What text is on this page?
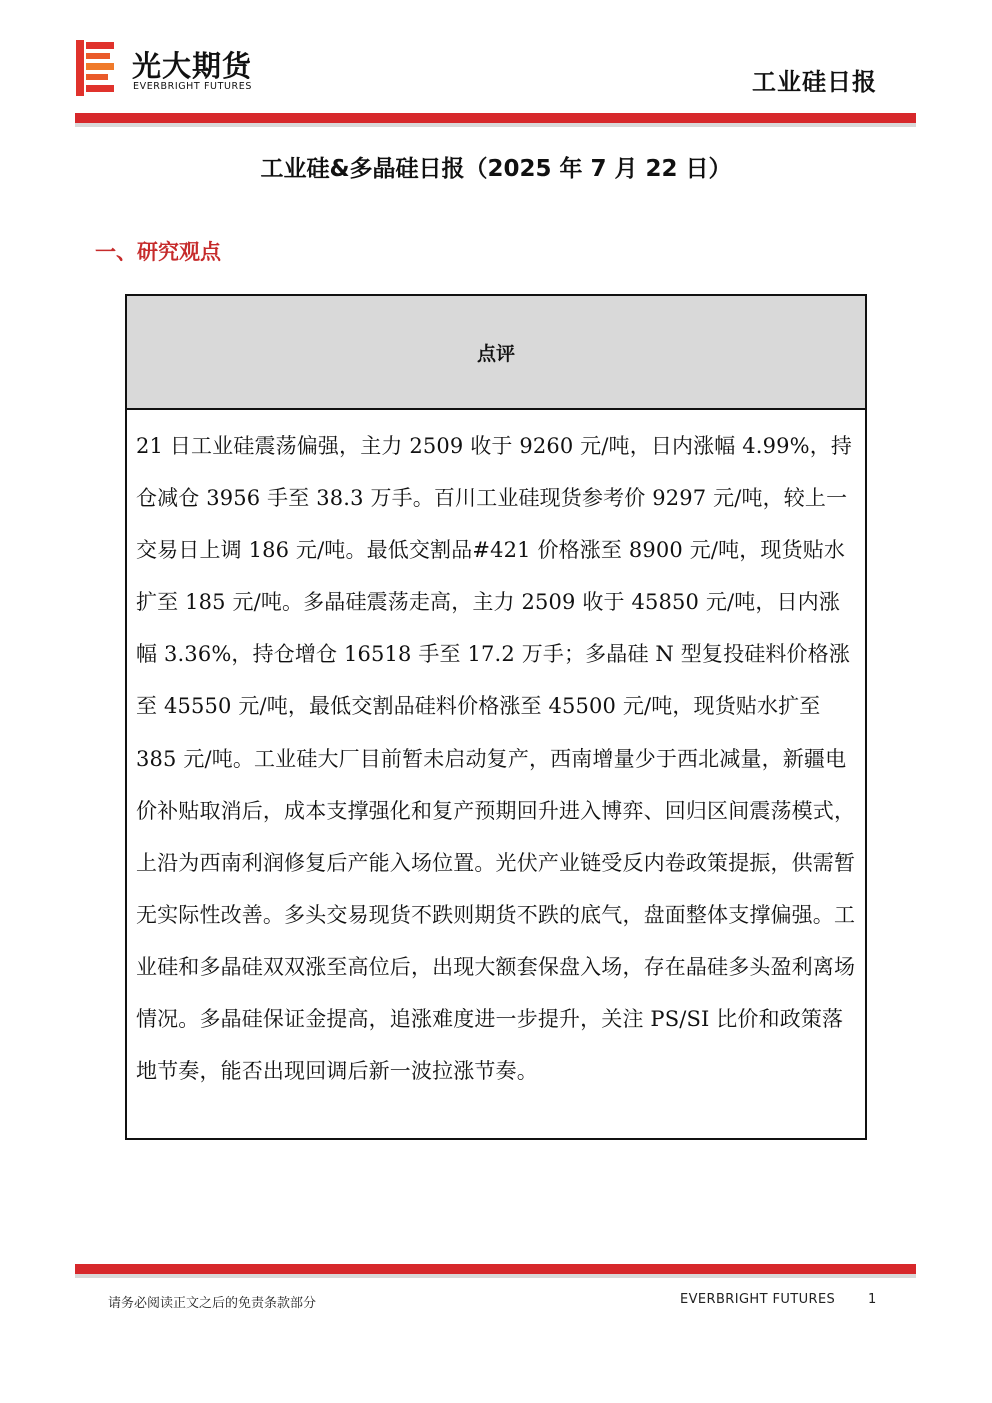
光大期货
EVERBRIGHT FUTURES	工业硅日报
工业硅&多晶硅日报（2025 年 7 月 22 日）
一、研究观点
点评
21 日工业硅震荡偏强，主力 2509 收于 9260 元/吨，日内涨幅 4.99%，持仓减仓 3956 手至 38.3 万手。百川工业硅现货参考价 9297 元/吨，较上一交易日上调 186 元/吨。最低交割品#421 价格涨至 8900 元/吨，现货贴水扩至 185 元/吨。多晶硅震荡走高，主力 2509 收于 45850 元/吨，日内涨幅 3.36%，持仓增仓 16518 手至 17.2 万手；多晶硅 N 型复投硅料价格涨至 45550 元/吨，最低交割品硅料价格涨至 45500 元/吨，现货贴水扩至 385 元/吨。工业硅大厂目前暂未启动复产，西南增量少于西北减量，新疆电价补贴取消后，成本支撑强化和复产预期回升进入博弈、回归区间震荡模式，上沿为西南利润修复后产能入场位置。光伏产业链受反内卷政策提振，供需暂无实际性改善。多头交易现货不跌则期货不跌的底气，盘面整体支撑偏强。工业硅和多晶硅双双涨至高位后，出现大额套保盘入场，存在晶硅多头盈利离场情况。多晶硅保证金提高，追涨难度进一步提升，关注 PS/SI 比价和政策落地节奏，能否出现回调后新一波拉涨节奏。
请务必阅读正文之后的免责条款部分	EVERBRIGHT FUTURES	1
